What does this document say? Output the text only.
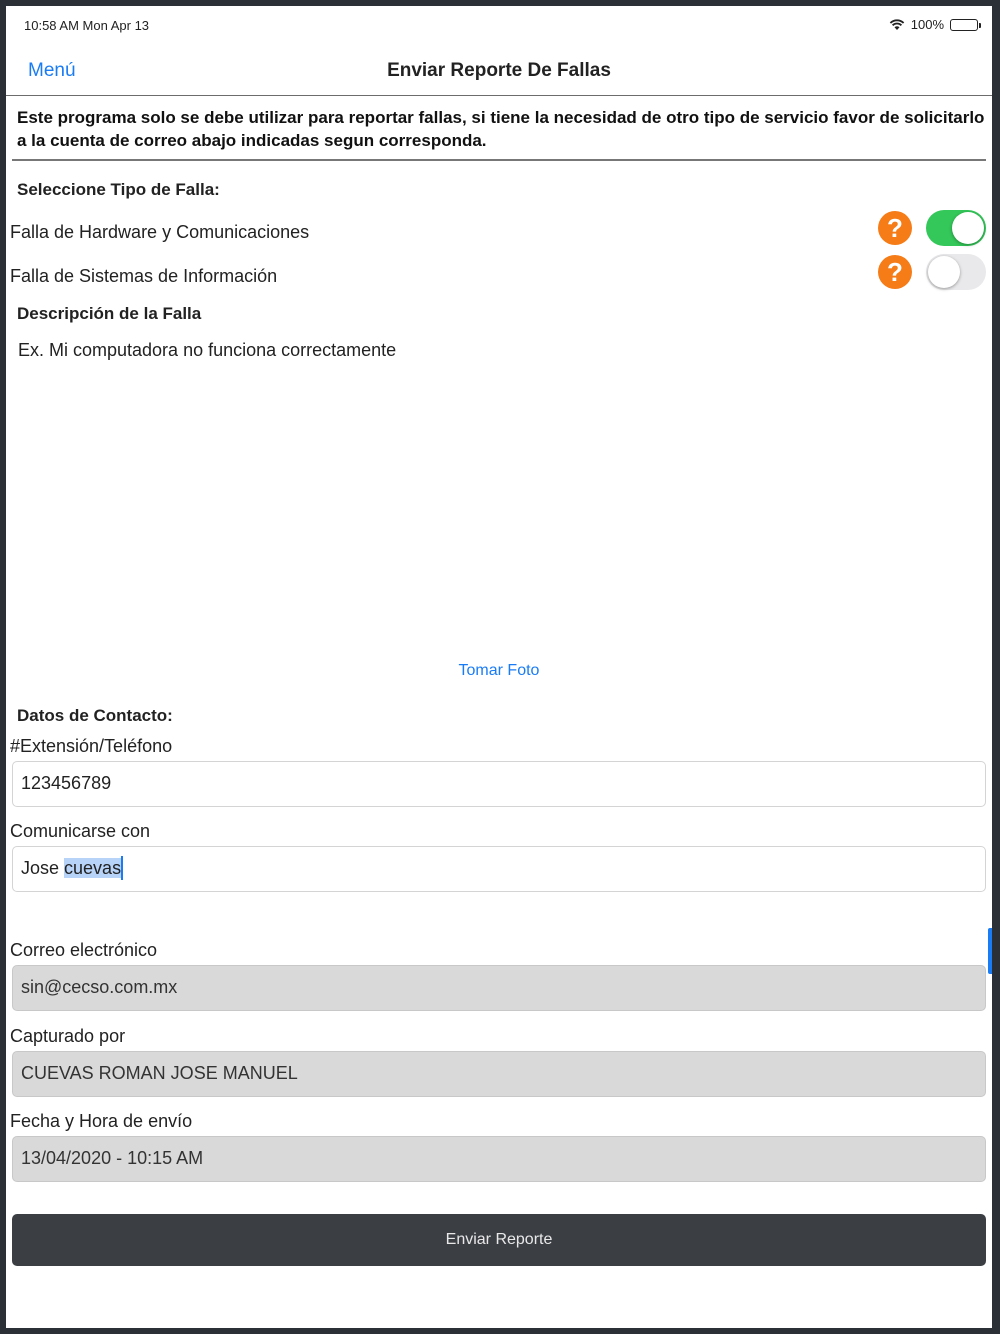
10:58 AM Mon Apr 13	100%
Menú	Enviar Reporte De Fallas
Este programa solo se debe utilizar para reportar fallas, si tiene la necesidad de otro tipo de servicio favor de solicitarlo a la cuenta de correo abajo indicadas segun corresponda.
Seleccione Tipo de Falla:
Falla de Hardware y Comunicaciones	?
Falla de Sistemas de Información	?
Descripción de la Falla
Ex. Mi computadora no funciona correctamente
Tomar Foto
Datos de Contacto:
#Extensión/Teléfono
123456789
Comunicarse con
Jose cuevas
Correo electrónico
sin@cecso.com.mx
Capturado por
CUEVAS ROMAN JOSE MANUEL
Fecha y Hora de envío
13/04/2020 - 10:15 AM
Enviar Reporte
